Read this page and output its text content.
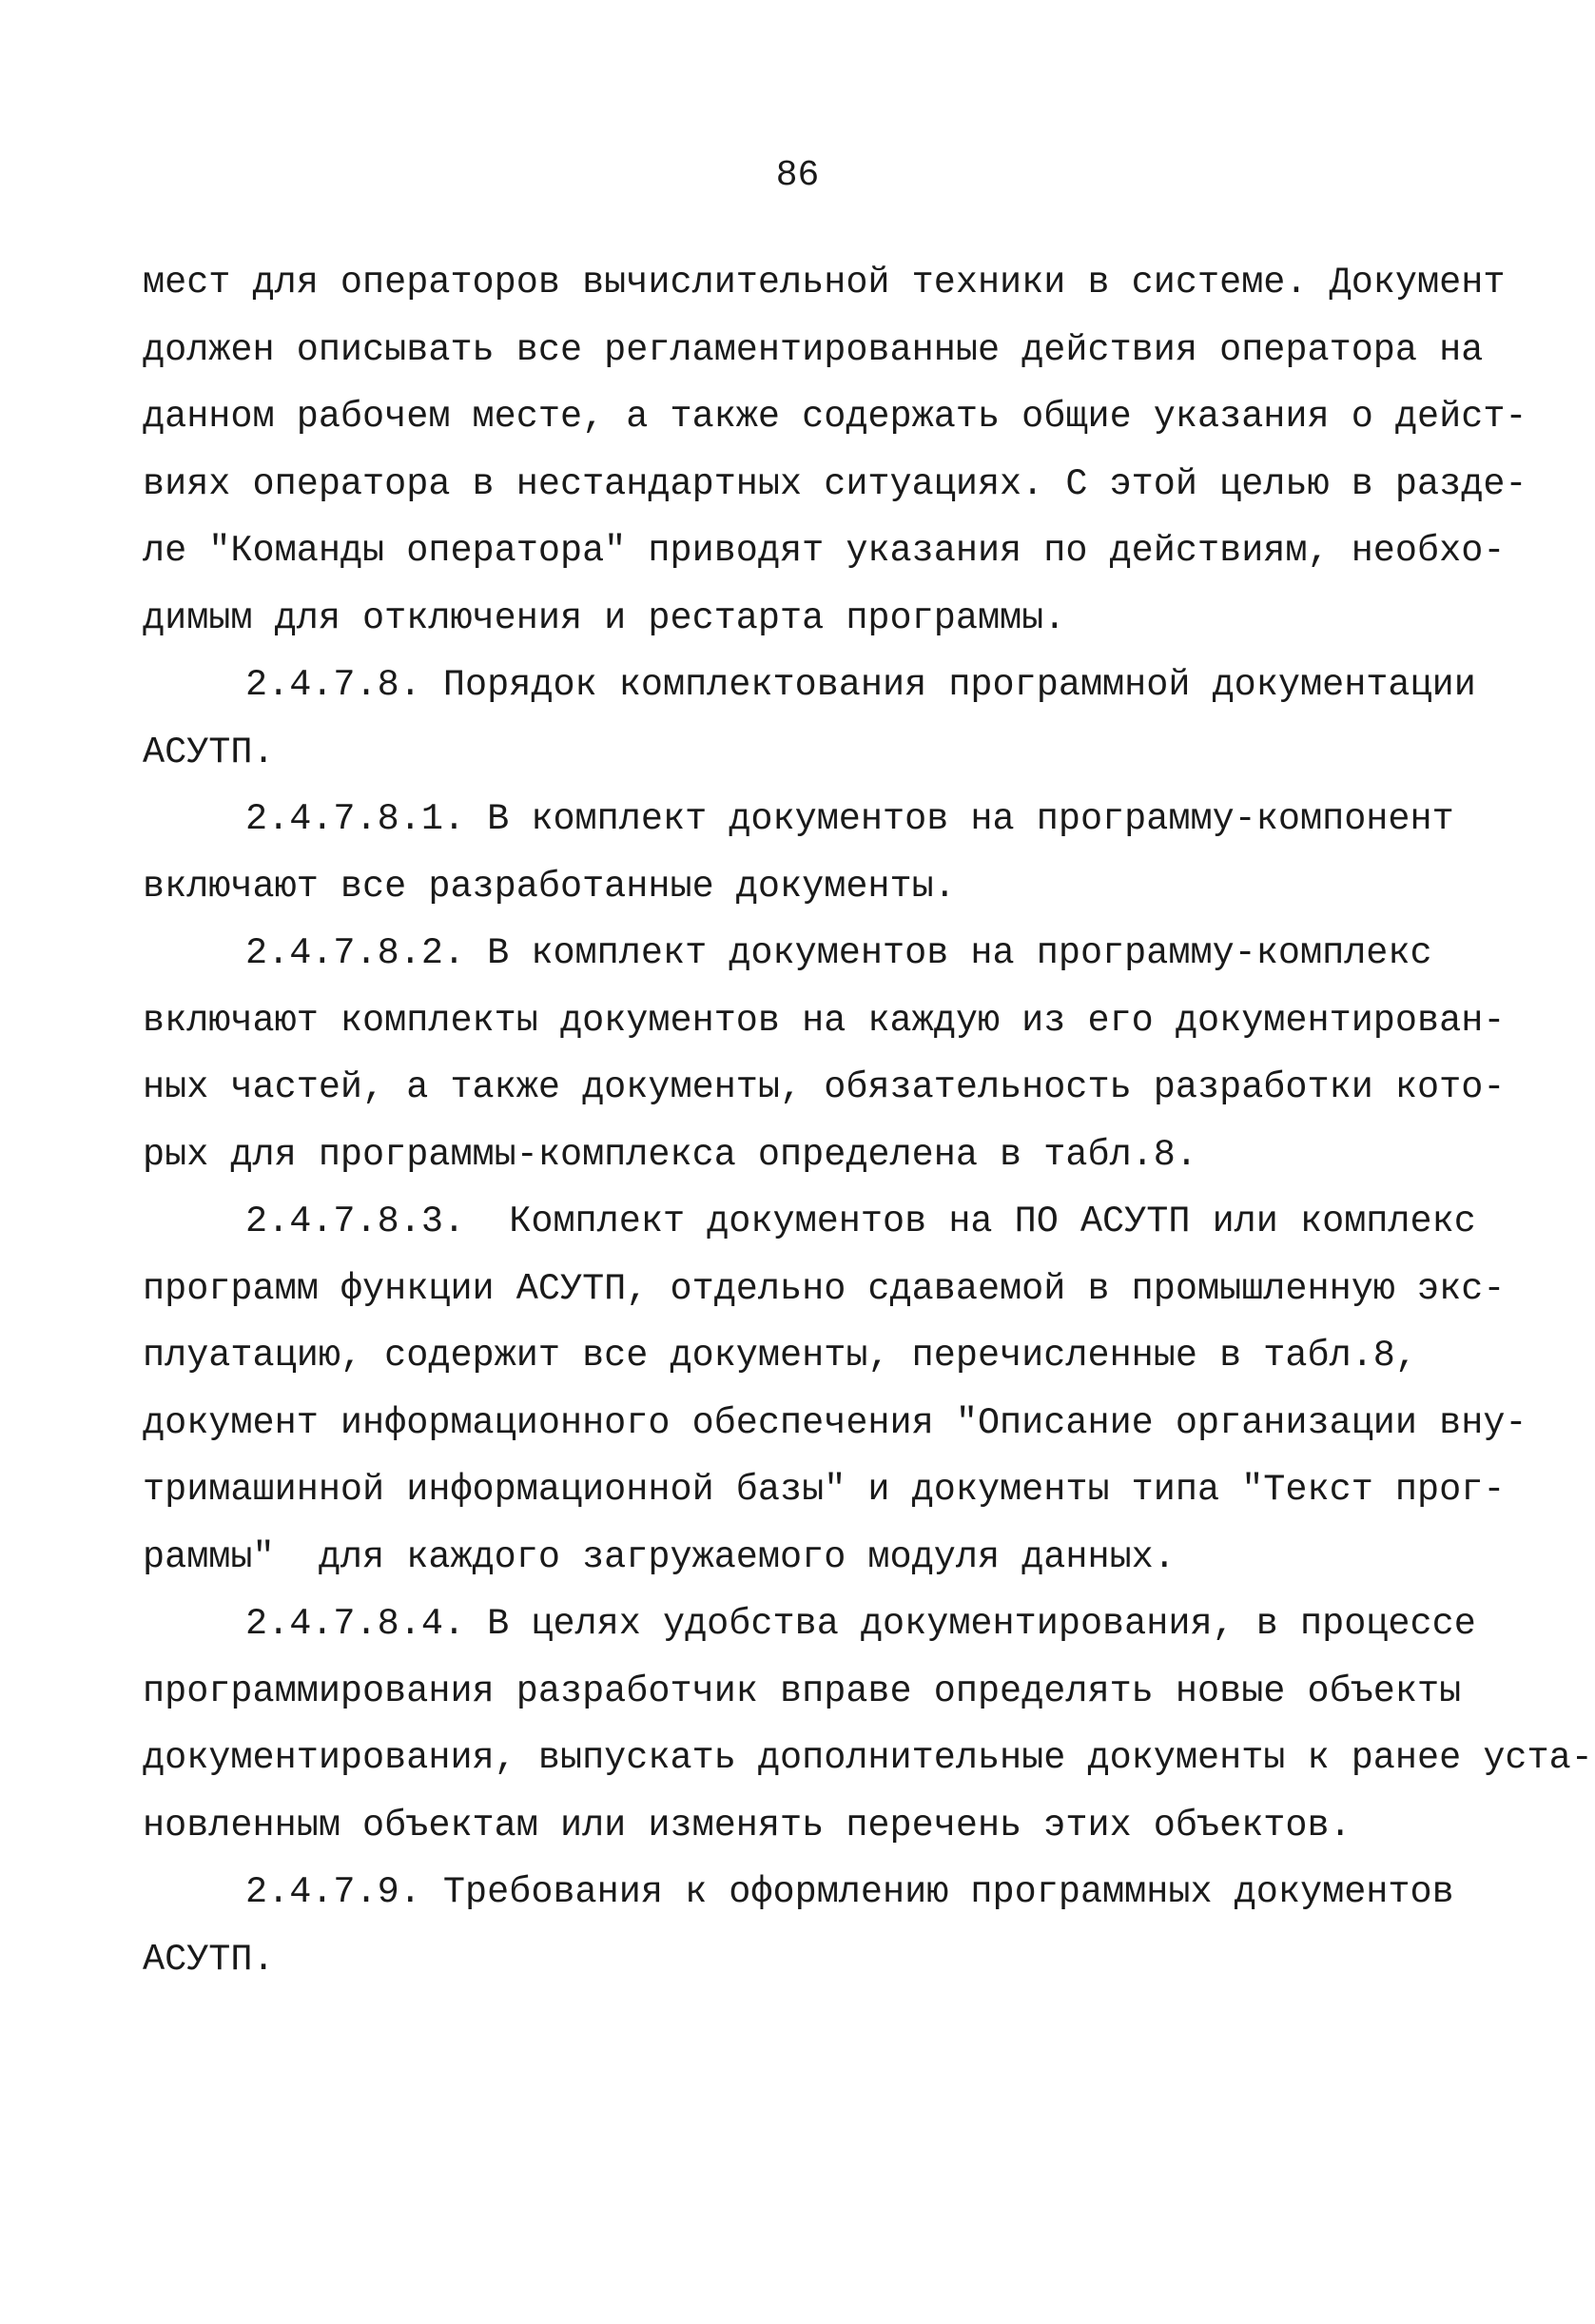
86
мест для операторов вычислительной техники в системе. Документ
должен описывать все регламентированные действия оператора на
данном рабочем месте, а также содержать общие указания о дейст-
виях оператора в нестандартных ситуациях. С этой целью в разде-
ле "Команды оператора" приводят указания по действиям, необхо-
димым для отключения и рестарта программы.
2.4.7.8. Порядок комплектования программной документации
АСУТП.
2.4.7.8.1. В комплект документов на программу-компонент
включают все разработанные документы.
2.4.7.8.2. В комплект документов на программу-комплекс
включают комплекты документов на каждую из его документирован-
ных частей, а также документы, обязательность разработки кото-
рых для программы-комплекса определена в табл.8.
2.4.7.8.3.  Комплект документов на ПО АСУТП или комплекс
программ функции АСУТП, отдельно сдаваемой в промышленную экс-
плуатацию, содержит все документы, перечисленные в табл.8,
документ информационного обеспечения "Описание организации вну-
тримашинной информационной базы" и документы типа "Текст прог-
раммы"  для каждого загружаемого модуля данных.
2.4.7.8.4. В целях удобства документирования, в процессе
программирования разработчик вправе определять новые объекты
документирования, выпускать дополнительные документы к ранее уста-
новленным объектам или изменять перечень этих объектов.
2.4.7.9. Требования к оформлению программных документов
АСУТП.
